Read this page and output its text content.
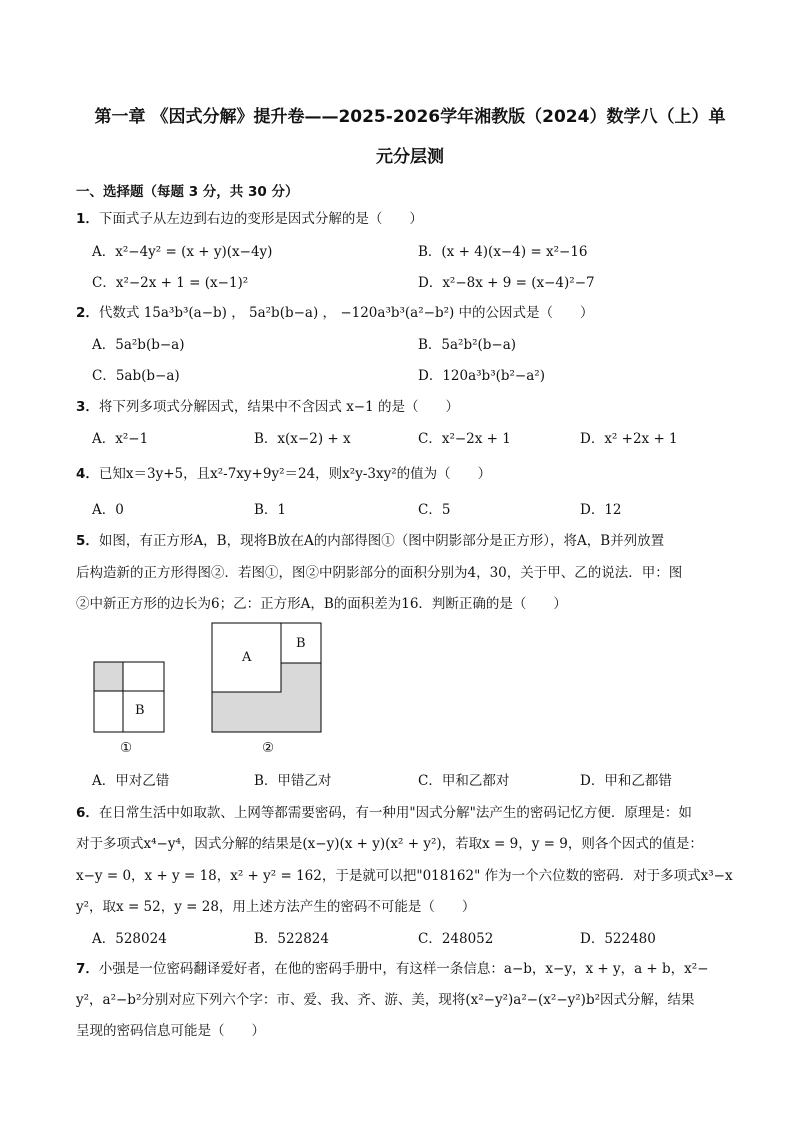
第一章 《因式分解》提升卷——2025-2026学年湘教版（2024）数学八（上）单
元分层测
一、选择题（每题 3 分，共 30 分）
1．下面式子从左边到右边的变形是因式分解的是（　　）
A．x²−4y² = (x + y)(x−4y)	B．(x + 4)(x−4) = x²−16
C．x²−2x + 1 = (x−1)²	D．x²−8x + 9 = (x−4)²−7
2．代数式 15a³b³(a−b) ， 5a²b(b−a) ， −120a³b³(a²−b²) 中的公因式是（　　）
A．5a²b(b−a)	B．5a²b²(b−a)
C．5ab(b−a)	D．120a³b³(b²−a²)
3．将下列多项式分解因式，结果中不含因式 x−1 的是（　　）
A．x²−1	B．x(x−2) + x	C．x²−2x + 1	D．x² +2x + 1
4．已知x＝3y+5，且x²-7xy+9y²＝24，则x²y-3xy²的值为（　　）
A．0	B．1	C．5	D．12
5．如图，有正方形A，B，现将B放在A的内部得图①（图中阴影部分是正方形），将A，B并列放置
后构造新的正方形得图②．若图①，图②中阴影部分的面积分别为4，30，关于甲、乙的说法．甲：图
②中新正方形的边长为6；乙：正方形A，B的面积差为16．判断正确的是（　　）
B
①
A
B
②
A．甲对乙错	B．甲错乙对	C．甲和乙都对	D．甲和乙都错
6．在日常生活中如取款、上网等都需要密码，有一种用"因式分解"法产生的密码记忆方便．原理是：如
对于多项式x⁴−y⁴，因式分解的结果是(x−y)(x + y)(x² + y²)，若取x = 9，y = 9，则各个因式的值是：
x−y = 0，x + y = 18，x² + y² = 162，于是就可以把"018162" 作为一个六位数的密码．对于多项式x³−x
y²，取x = 52，y = 28，用上述方法产生的密码不可能是（　　）
A．528024	B．522824	C．248052	D．522480
7．小强是一位密码翻译爱好者，在他的密码手册中，有这样一条信息：a−b，x−y，x + y，a + b，x²−
y²，a²−b²分别对应下列六个字：市、爱、我、齐、游、美，现将(x²−y²)a²−(x²−y²)b²因式分解，结果
呈现的密码信息可能是（　　）
